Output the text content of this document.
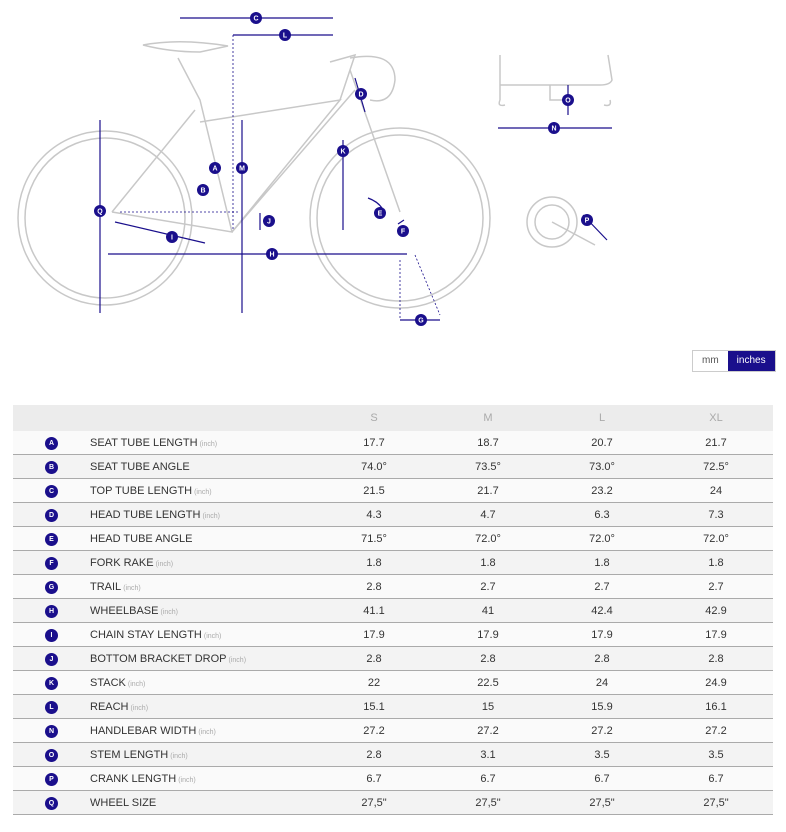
A
B
C
D
E
F
G
H
I
J
K
L
M
N
O
P
Q
mm	inches
		S	M	L	XL
A	SEAT TUBE LENGTH (inch)	17.7	18.7	20.7	21.7
B	SEAT TUBE ANGLE	74.0°	73.5°	73.0°	72.5°
C	TOP TUBE LENGTH (inch)	21.5	21.7	23.2	24
D	HEAD TUBE LENGTH (inch)	4.3	4.7	6.3	7.3
E	HEAD TUBE ANGLE	71.5°	72.0°	72.0°	72.0°
F	FORK RAKE (inch)	1.8	1.8	1.8	1.8
G	TRAIL (inch)	2.8	2.7	2.7	2.7
H	WHEELBASE (inch)	41.1	41	42.4	42.9
I	CHAIN STAY LENGTH (inch)	17.9	17.9	17.9	17.9
J	BOTTOM BRACKET DROP (inch)	2.8	2.8	2.8	2.8
K	STACK (inch)	22	22.5	24	24.9
L	REACH (inch)	15.1	15	15.9	16.1
N	HANDLEBAR WIDTH (inch)	27.2	27.2	27.2	27.2
O	STEM LENGTH (inch)	2.8	3.1	3.5	3.5
P	CRANK LENGTH (inch)	6.7	6.7	6.7	6.7
Q	WHEEL SIZE	27,5"	27,5"	27,5"	27,5"
